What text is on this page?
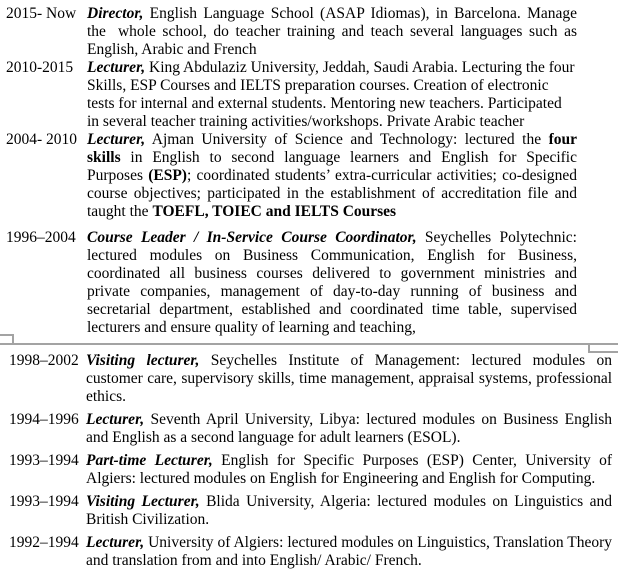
2015- Now Director, English Language School (ASAP Idiomas), in Barcelona. Manage the whole school, do teacher training and teach several languages such as English, Arabic and French
2010-2015 Lecturer, King Abdulaziz University, Jeddah, Saudi Arabia. Lecturing the four Skills, ESP Courses and IELTS preparation courses. Creation of electronic tests for internal and external students. Mentoring new teachers. Participated in several teacher training activities/workshops. Private Arabic teacher
2004- 2010 Lecturer, Ajman University of Science and Technology: lectured the four skills in English to second language learners and English for Specific Purposes (ESP); coordinated students’ extra-curricular activities; co-designed course objectives; participated in the establishment of accreditation file and taught the TOEFL, TOIEC and IELTS Courses
1996–2004 Course Leader / In-Service Course Coordinator, Seychelles Polytechnic: lectured modules on Business Communication, English for Business, coordinated all business courses delivered to government ministries and private companies, management of day-to-day running of business and secretarial department, established and coordinated time table, supervised lecturers and ensure quality of learning and teaching,
1998–2002 Visiting lecturer, Seychelles Institute of Management: lectured modules on customer care, supervisory skills, time management, appraisal systems, professional ethics.
1994–1996 Lecturer, Seventh April University, Libya: lectured modules on Business English and English as a second language for adult learners (ESOL).
1993–1994 Part-time Lecturer, English for Specific Purposes (ESP) Center, University of Algiers: lectured modules on English for Engineering and English for Computing.
1993–1994 Visiting Lecturer, Blida University, Algeria: lectured modules on Linguistics and British Civilization.
1992–1994 Lecturer, University of Algiers: lectured modules on Linguistics, Translation Theory and translation from and into English/ Arabic/ French.
